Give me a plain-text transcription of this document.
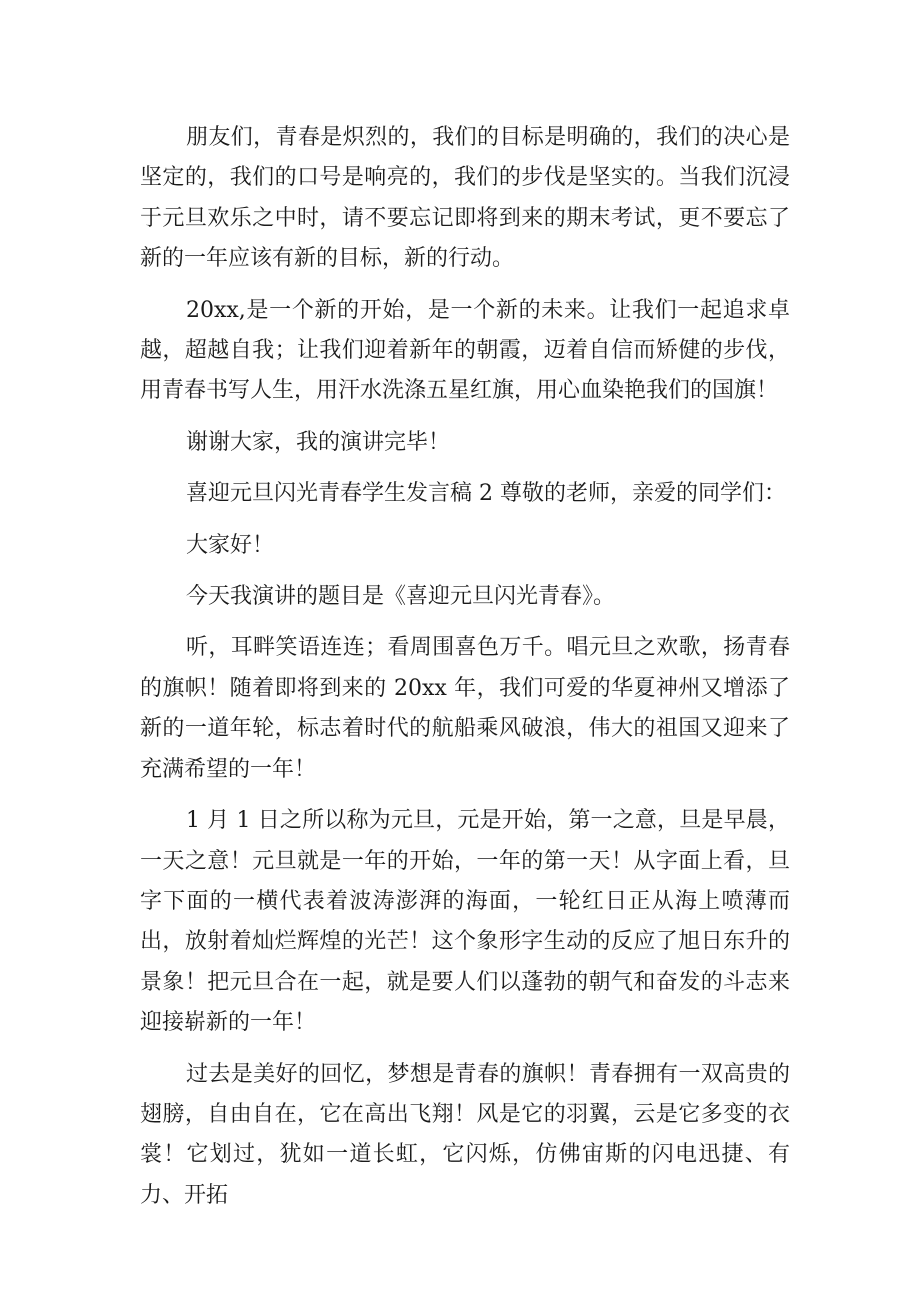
朋友们，青春是炽烈的，我们的目标是明确的，我们的决心是坚定的，我们的口号是响亮的，我们的步伐是坚实的。当我们沉浸于元旦欢乐之中时，请不要忘记即将到来的期末考试，更不要忘了新的一年应该有新的目标，新的行动。

20xx,是一个新的开始，是一个新的未来。让我们一起追求卓越，超越自我；让我们迎着新年的朝霞，迈着自信而矫健的步伐，用青春书写人生，用汗水洗涤五星红旗，用心血染艳我们的国旗！

谢谢大家，我的演讲完毕！

喜迎元旦闪光青春学生发言稿 2 尊敬的老师，亲爱的同学们：

大家好！

今天我演讲的题目是《喜迎元旦闪光青春》。

听，耳畔笑语连连；看周围喜色万千。唱元旦之欢歌，扬青春的旗帜！随着即将到来的 20xx 年，我们可爱的华夏神州又增添了新的一道年轮，标志着时代的航船乘风破浪，伟大的祖国又迎来了充满希望的一年！

1 月 1 日之所以称为元旦，元是开始，第一之意，旦是早晨，一天之意！元旦就是一年的开始，一年的第一天！从字面上看，旦字下面的一横代表着波涛澎湃的海面，一轮红日正从海上喷薄而出，放射着灿烂辉煌的光芒！这个象形字生动的反应了旭日东升的景象！把元旦合在一起，就是要人们以蓬勃的朝气和奋发的斗志来迎接崭新的一年！

过去是美好的回忆，梦想是青春的旗帜！青春拥有一双高贵的翅膀，自由自在，它在高出飞翔！风是它的羽翼，云是它多变的衣裳！它划过，犹如一道长虹，它闪烁，仿佛宙斯的闪电迅捷、有力、开拓
